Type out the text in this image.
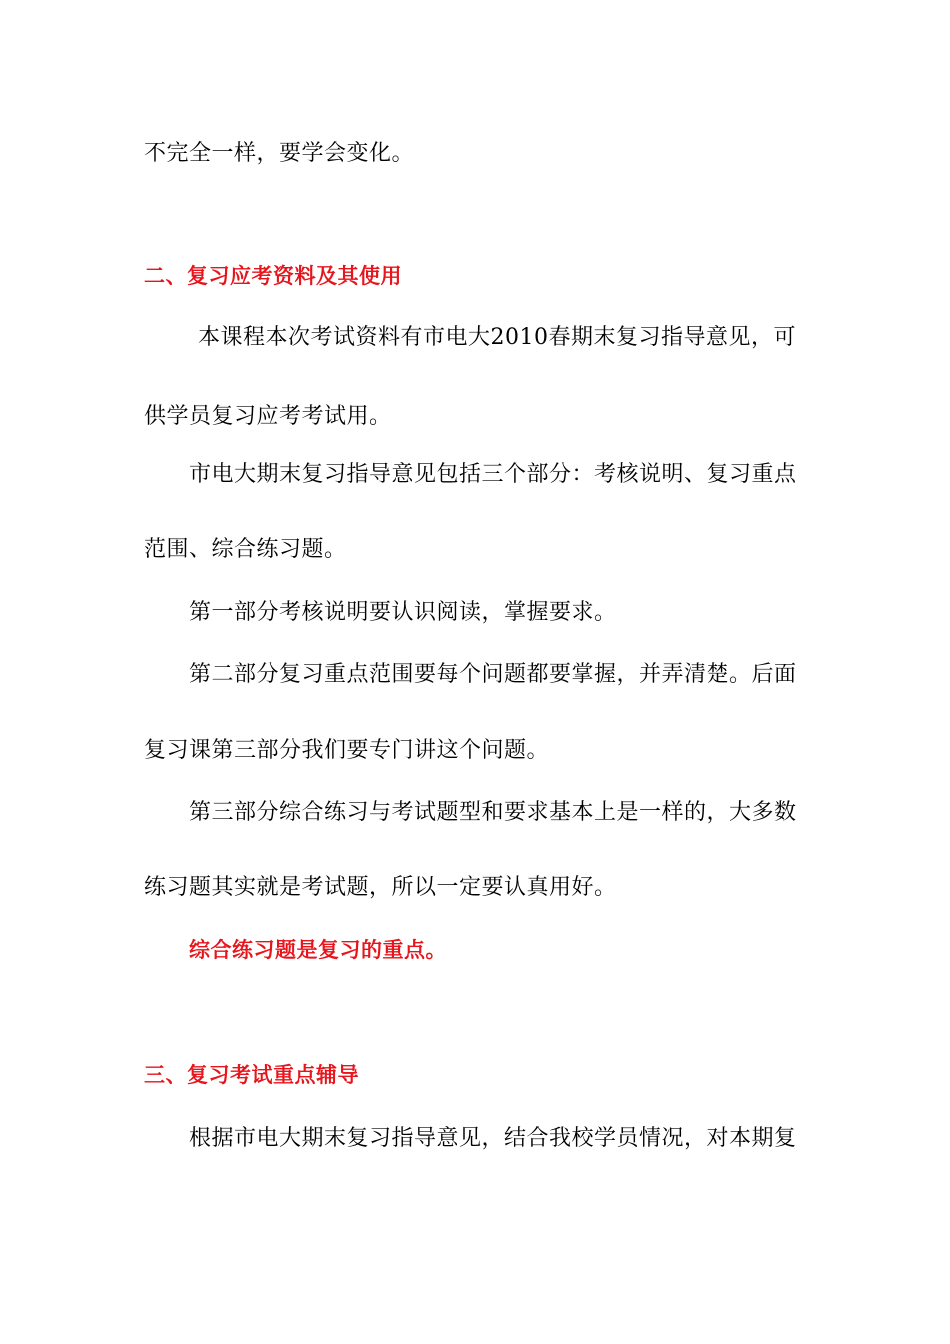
不完全一样，要学会变化。
二、复习应考资料及其使用
本课程本次考试资料有市电大2010春期末复习指导意见，可
供学员复习应考考试用。
市电大期末复习指导意见包括三个部分：考核说明、复习重点
范围、综合练习题。
第一部分考核说明要认识阅读，掌握要求。
第二部分复习重点范围要每个问题都要掌握，并弄清楚。后面
复习课第三部分我们要专门讲这个问题。
第三部分综合练习与考试题型和要求基本上是一样的，大多数
练习题其实就是考试题，所以一定要认真用好。
综合练习题是复习的重点。
三、复习考试重点辅导
根据市电大期末复习指导意见，结合我校学员情况，对本期复
